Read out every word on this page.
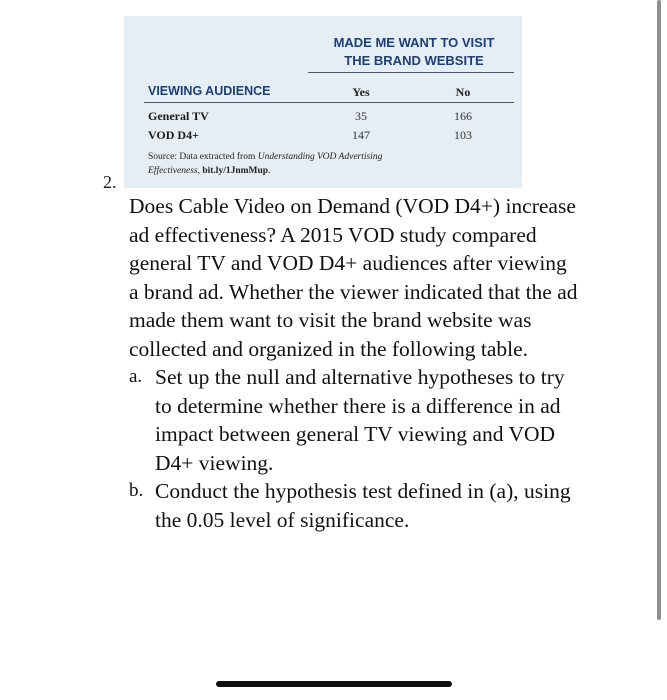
MADE ME WANT TO VISIT
THE BRAND WEBSITE
VIEWING AUDIENCE	Yes	No
General TV	35	166
VOD D4+	147	103
Source: Data extracted from Understanding VOD Advertising
Effectiveness, bit.ly/1JnmMup.
2.

Does Cable Video on Demand (VOD D4+) increase ad effectiveness? A 2015 VOD study compared general TV and VOD D4+ audiences after viewing a brand ad. Whether the viewer indicated that the ad made them want to visit the brand website was collected and organized in the following table.

a. Set up the null and alternative hypotheses to try to determine whether there is a difference in ad impact between general TV viewing and VOD D4+ viewing.
b. Conduct the hypothesis test defined in (a), using the 0.05 level of significance.
